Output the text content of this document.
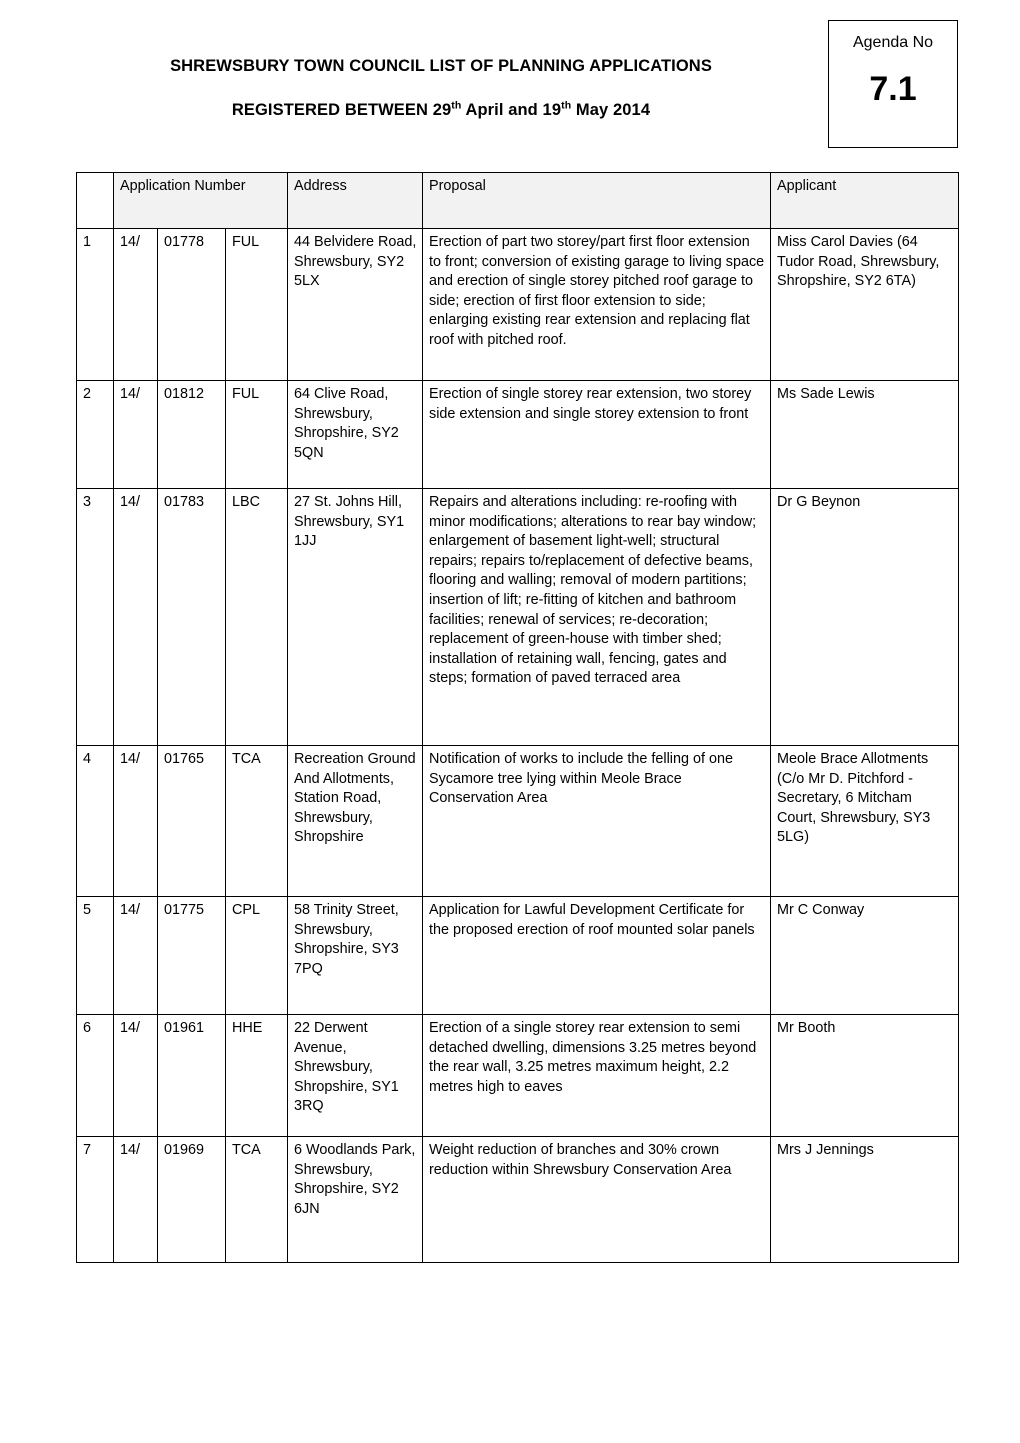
SHREWSBURY TOWN COUNCIL LIST OF PLANNING APPLICATIONS
REGISTERED BETWEEN 29th April and 19th May 2014
Agenda No
7.1
	Application Number			Address	Proposal	Applicant
1	14/	01778	FUL	44 Belvidere Road, Shrewsbury, SY2 5LX	Erection of part two storey/part first floor extension to front; conversion of existing garage to living space and erection of single storey pitched roof garage to side; erection of first floor extension to side; enlarging existing rear extension and replacing flat roof with pitched roof.	Miss Carol Davies (64 Tudor Road, Shrewsbury, Shropshire, SY2 6TA)
2	14/	01812	FUL	64 Clive Road, Shrewsbury, Shropshire, SY2 5QN	Erection of single storey rear extension, two storey side extension and single storey extension to front	Ms Sade Lewis
3	14/	01783	LBC	27 St. Johns Hill, Shrewsbury, SY1 1JJ	Repairs and alterations including: re-roofing with minor modifications; alterations to rear bay window; enlargement of basement light-well; structural repairs; repairs to/replacement of defective beams, flooring and walling; removal of modern partitions; insertion of lift; re-fitting of kitchen and bathroom facilities; renewal of services; re-decoration; replacement of green-house with timber shed; installation of retaining wall, fencing, gates and steps; formation of paved terraced area	Dr G Beynon
4	14/	01765	TCA	Recreation Ground And Allotments, Station Road, Shrewsbury, Shropshire	Notification of works to include the felling of one Sycamore tree lying within Meole Brace Conservation Area	Meole Brace Allotments (C/o Mr D. Pitchford - Secretary, 6 Mitcham Court, Shrewsbury, SY3 5LG)
5	14/	01775	CPL	58 Trinity Street, Shrewsbury, Shropshire, SY3 7PQ	Application for Lawful Development Certificate for the proposed erection of roof mounted solar panels	Mr C Conway
6	14/	01961	HHE	22 Derwent Avenue, Shrewsbury, Shropshire, SY1 3RQ	Erection of a single storey rear extension to semi detached dwelling, dimensions 3.25 metres beyond the rear wall, 3.25 metres maximum height, 2.2 metres high to eaves	Mr Booth
7	14/	01969	TCA	6 Woodlands Park, Shrewsbury, Shropshire, SY2 6JN	Weight reduction of branches and 30% crown reduction within Shrewsbury Conservation Area	Mrs J Jennings
